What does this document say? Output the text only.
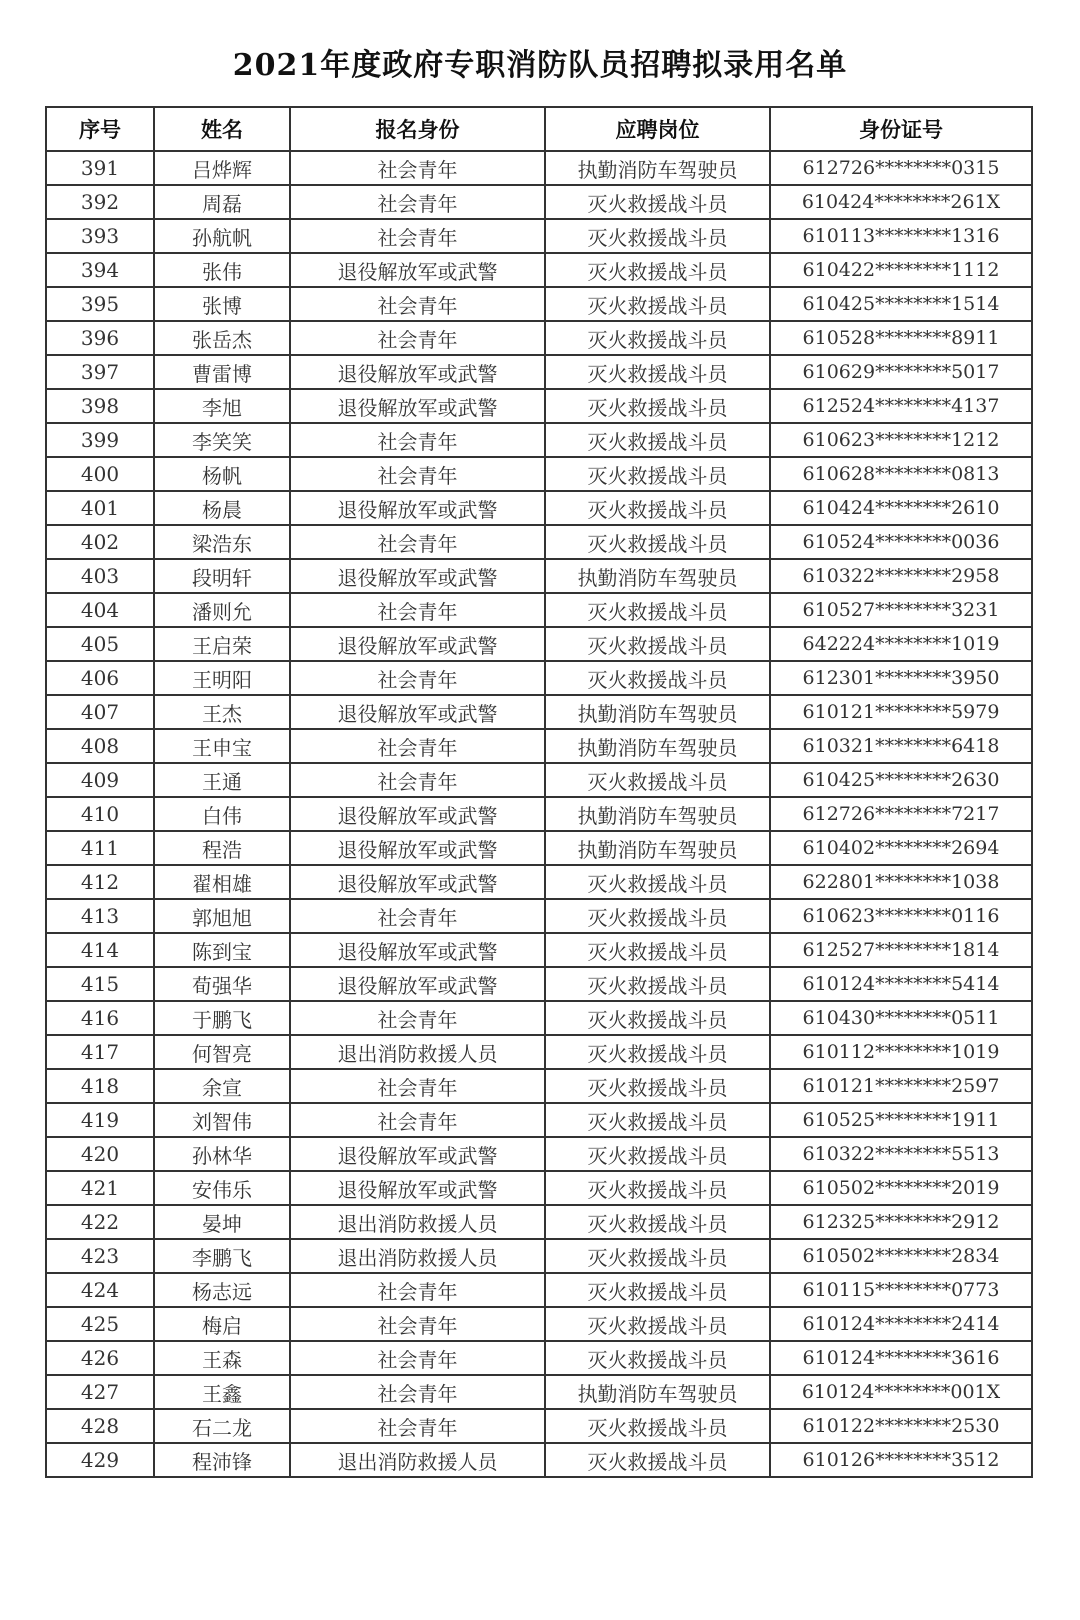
2021年度政府专职消防队员招聘拟录用名单
序号	姓名	报名身份	应聘岗位	身份证号
391	吕烨辉	社会青年	执勤消防车驾驶员	612726********0315
392	周磊	社会青年	灭火救援战斗员	610424********261X
393	孙航帆	社会青年	灭火救援战斗员	610113********1316
394	张伟	退役解放军或武警	灭火救援战斗员	610422********1112
395	张博	社会青年	灭火救援战斗员	610425********1514
396	张岳杰	社会青年	灭火救援战斗员	610528********8911
397	曹雷博	退役解放军或武警	灭火救援战斗员	610629********5017
398	李旭	退役解放军或武警	灭火救援战斗员	612524********4137
399	李笑笑	社会青年	灭火救援战斗员	610623********1212
400	杨帆	社会青年	灭火救援战斗员	610628********0813
401	杨晨	退役解放军或武警	灭火救援战斗员	610424********2610
402	梁浩东	社会青年	灭火救援战斗员	610524********0036
403	段明轩	退役解放军或武警	执勤消防车驾驶员	610322********2958
404	潘则允	社会青年	灭火救援战斗员	610527********3231
405	王启荣	退役解放军或武警	灭火救援战斗员	642224********1019
406	王明阳	社会青年	灭火救援战斗员	612301********3950
407	王杰	退役解放军或武警	执勤消防车驾驶员	610121********5979
408	王申宝	社会青年	执勤消防车驾驶员	610321********6418
409	王通	社会青年	灭火救援战斗员	610425********2630
410	白伟	退役解放军或武警	执勤消防车驾驶员	612726********7217
411	程浩	退役解放军或武警	执勤消防车驾驶员	610402********2694
412	翟相雄	退役解放军或武警	灭火救援战斗员	622801********1038
413	郭旭旭	社会青年	灭火救援战斗员	610623********0116
414	陈到宝	退役解放军或武警	灭火救援战斗员	612527********1814
415	荀强华	退役解放军或武警	灭火救援战斗员	610124********5414
416	于鹏飞	社会青年	灭火救援战斗员	610430********0511
417	何智亮	退出消防救援人员	灭火救援战斗员	610112********1019
418	余宣	社会青年	灭火救援战斗员	610121********2597
419	刘智伟	社会青年	灭火救援战斗员	610525********1911
420	孙林华	退役解放军或武警	灭火救援战斗员	610322********5513
421	安伟乐	退役解放军或武警	灭火救援战斗员	610502********2019
422	晏坤	退出消防救援人员	灭火救援战斗员	612325********2912
423	李鹏飞	退出消防救援人员	灭火救援战斗员	610502********2834
424	杨志远	社会青年	灭火救援战斗员	610115********0773
425	梅启	社会青年	灭火救援战斗员	610124********2414
426	王森	社会青年	灭火救援战斗员	610124********3616
427	王鑫	社会青年	执勤消防车驾驶员	610124********001X
428	石二龙	社会青年	灭火救援战斗员	610122********2530
429	程沛锋	退出消防救援人员	灭火救援战斗员	610126********3512
